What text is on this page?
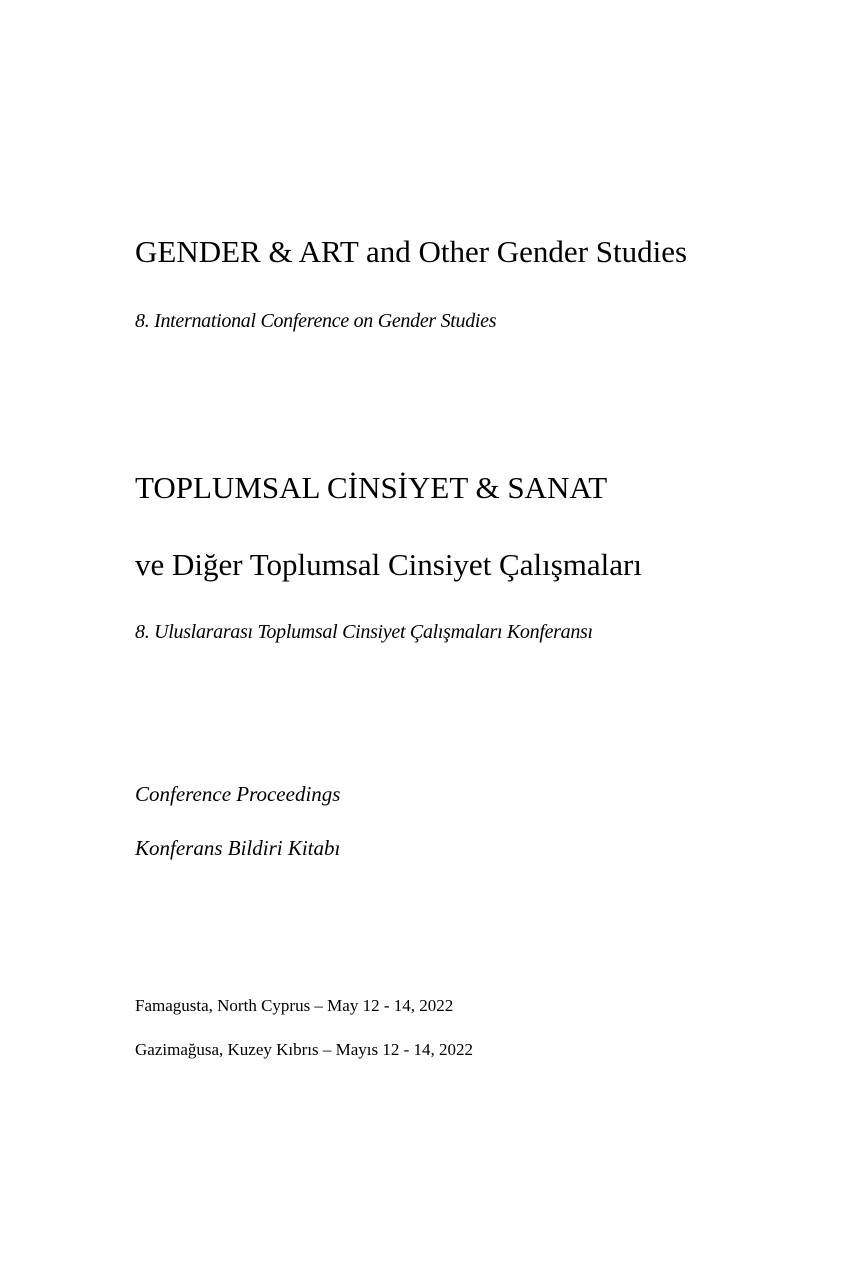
GENDER & ART and Other Gender Studies

8. International Conference on Gender Studies

TOPLUMSAL CİNSİYET & SANAT
ve Diğer Toplumsal Cinsiyet Çalışmaları

8. Uluslararası Toplumsal Cinsiyet Çalışmaları Konferansı

Conference Proceedings

Konferans Bildiri Kitabı

Famagusta, North Cyprus – May 12 - 14, 2022

Gazimağusa, Kuzey Kıbrıs – Mayıs 12 - 14, 2022
